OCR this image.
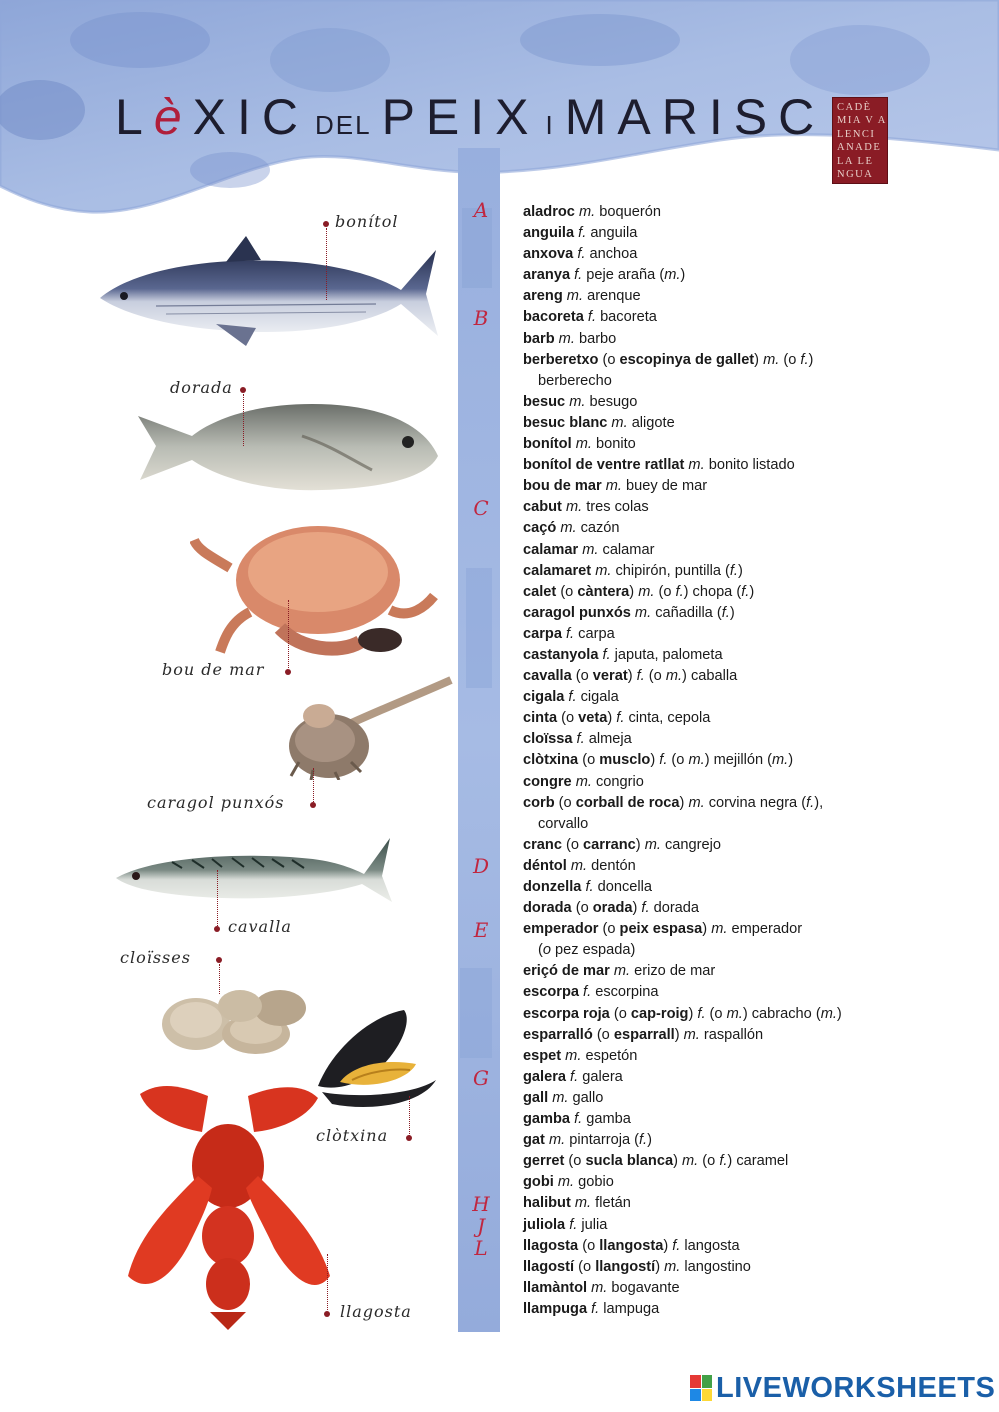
LèXIC DEL PEIX I MARISC CADÈ
MIA V A
LENCI
ANADE
LA LE
NGUA
A
B
C
D
E
G
H
J
L
aladroc m. boquerón
anguila f. anguila
anxova f. anchoa
aranya f. peje araña (m.)
areng m. arenque
bacoreta f. bacoreta
barb m. barbo
berberetxo (o escopinya de gallet) m. (o f.)
berberecho
besuc m. besugo
besuc blanc m. aligote
bonítol m. bonito
bonítol de ventre ratllat m. bonito listado
bou de mar m. buey de mar
cabut m. tres colas
caçó m. cazón
calamar m. calamar
calamaret m. chipirón, puntilla (f.)
calet (o càntera) m. (o f.) chopa (f.)
caragol punxós m. cañadilla (f.)
carpa f. carpa
castanyola f. japuta, palometa
cavalla (o verat) f. (o m.) caballa
cigala f. cigala
cinta (o veta) f. cinta, cepola
cloïssa f. almeja
clòtxina (o musclo) f. (o m.) mejillón (m.)
congre m. congrio
corb (o corball de roca) m. corvina negra (f.),
corvallo
cranc (o carranc) m. cangrejo
déntol m. dentón
donzella f. doncella
dorada (o orada) f. dorada
emperador (o peix espasa) m. emperador
(o pez espada)
eriçó de mar m. erizo de mar
escorpa f. escorpina
escorpa roja (o cap-roig) f. (o m.) cabracho (m.)
esparralló (o esparrall) m. raspallón
espet m. espetón
galera f. galera
gall m. gallo
gamba f. gamba
gat m. pintarroja (f.)
gerret (o sucla blanca) m. (o f.) caramel
gobi m. gobio
halibut m. fletán
juliola f. julia
llagosta (o llangosta) f. langosta
llagostí (o llangostí) m. langostino
llamàntol m. bogavante
llampuga f. lampuga
bonítol
dorada
bou de mar
caragol punxós
cavalla
cloïsses
clòtxina
llagosta
LIVEWORKSHEETS
